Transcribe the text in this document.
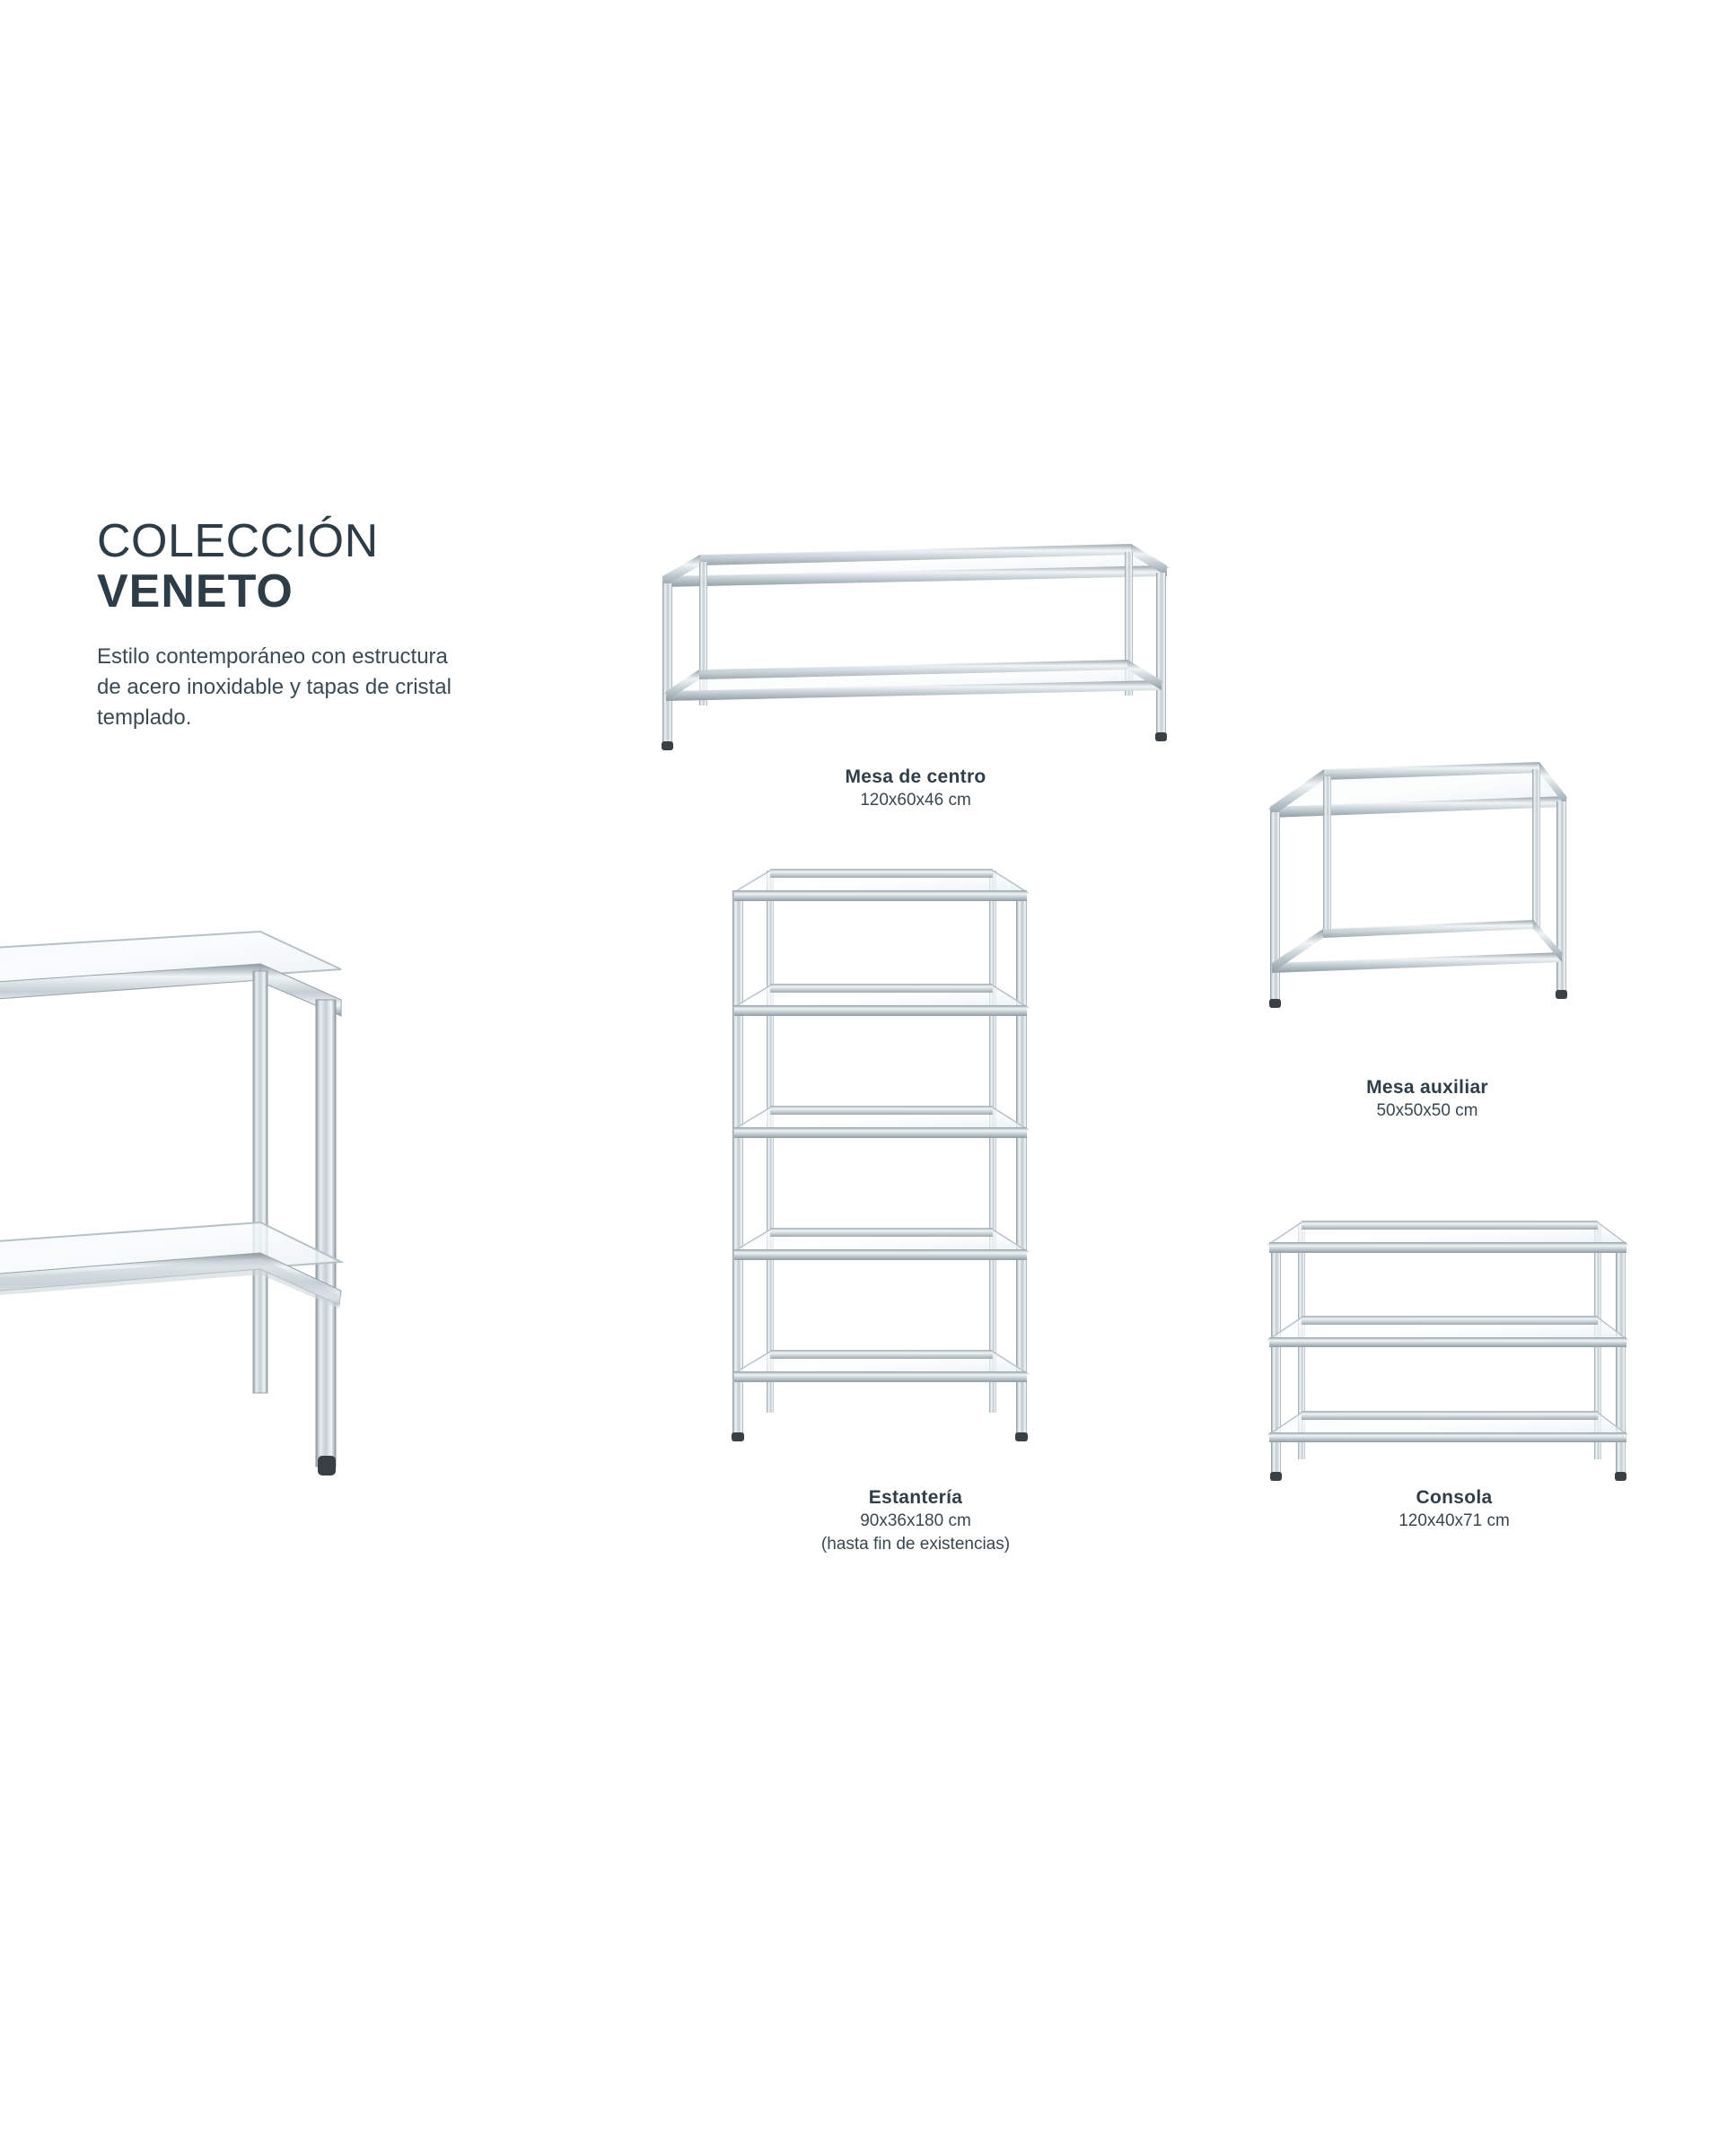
COLECCIÓN
VENETO
Estilo contemporáneo con estructura de acero inoxidable y tapas de cristal templado.
Mesa de centro
120x60x46 cm
Mesa auxiliar
50x50x50 cm
Estantería
90x36x180 cm
(hasta fin de existencias)
Consola
120x40x71 cm
